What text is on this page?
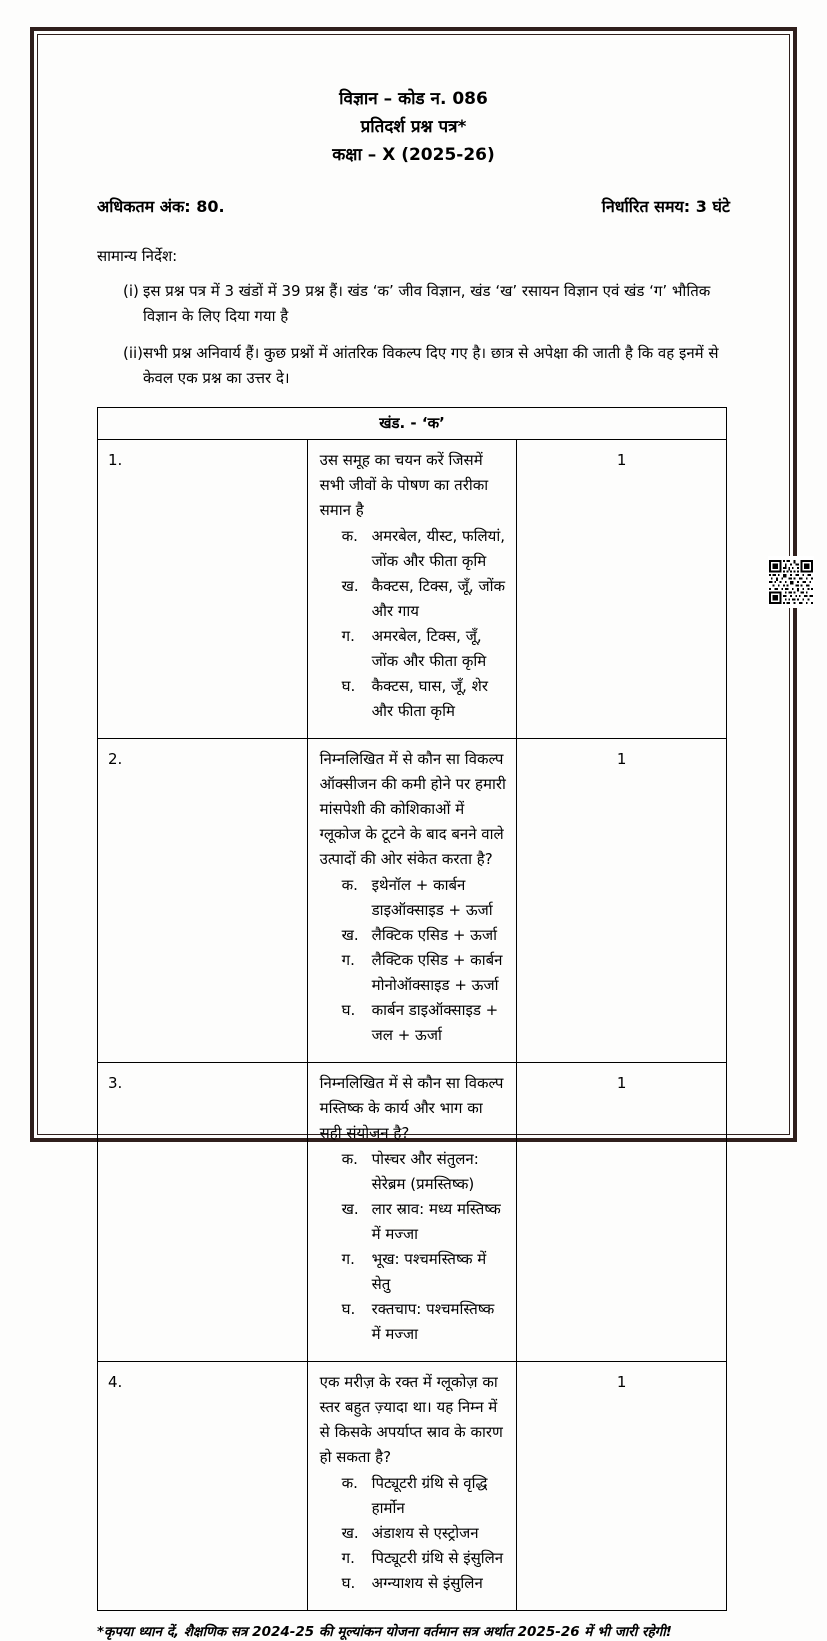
विज्ञान – कोड न. 086
प्रतिदर्श प्रश्न पत्र*
कक्षा – X (2025-26)
अधिकतम अंक: 80.	निर्धारित समय: 3 घंटे
सामान्य निर्देश:
(i) इस प्रश्न पत्र में 3 खंडों में 39 प्रश्न हैं। खंड ‘क’ जीव विज्ञान, खंड ‘ख’ रसायन विज्ञान एवं खंड ‘ग’ भौतिक विज्ञान के लिए दिया गया है
(ii) सभी प्रश्न अनिवार्य हैं। कुछ प्रश्नों में आंतरिक विकल्प दिए गए है। छात्र से अपेक्षा की जाती है कि वह इनमें से केवल एक प्रश्न का उत्तर दे।
खंड. - ‘क’		
1.	उस समूह का चयन करें जिसमें सभी जीवों के पोषण का तरीका समान है
क. अमरबेल, यीस्ट, फलियां, जोंक और फीता कृमि
ख. कैक्टस, टिक्स, जूँ, जोंक और गाय
ग.	अमरबेल, टिक्स, जूँ, जोंक और फीता कृमि
घ.	कैक्टस, घास, जूँ, शेर और फीता कृमि
	1
2.	निम्नलिखित में से कौन सा विकल्प ऑक्सीजन की कमी होने पर हमारी मांसपेशी की कोशिकाओं में ग्लूकोज के टूटने के बाद बनने वाले उत्पादों की ओर संकेत करता है?
क. इथेनॉल + कार्बन डाइऑक्साइड + ऊर्जा
ख. लैक्टिक एसिड + ऊर्जा
ग.	लैक्टिक एसिड + कार्बन मोनोऑक्साइड + ऊर्जा
घ.	कार्बन डाइऑक्साइड + जल + ऊर्जा
	1
3.	निम्नलिखित में से कौन सा विकल्प मस्तिष्क के कार्य और भाग का सही संयोजन है?
क. पोस्चर और संतुलन: सेरेब्रम (प्रमस्तिष्क)
ख. लार स्राव: मध्य मस्तिष्क में मज्जा
ग.	भूख: पश्चमस्तिष्क में सेतु
घ.	रक्तचाप: पश्चमस्तिष्क में मज्जा
	1
4.	एक मरीज़ के रक्त में ग्लूकोज़ का स्तर बहुत ज़्यादा था। यह निम्न में से किसके अपर्याप्त स्राव के कारण हो सकता है?
क. पिट्यूटरी ग्रंथि से वृद्धि हार्मोन
ख. अंडाशय से एस्ट्रोजन
ग.	पिट्यूटरी ग्रंथि से इंसुलिन
घ.	अग्न्याशय से इंसुलिन
	1
*कृपया ध्यान दें, शैक्षणिक सत्र 2024-25 की मूल्यांकन योजना वर्तमान सत्र अर्थात 2025-26 में भी जारी रहेगी!
